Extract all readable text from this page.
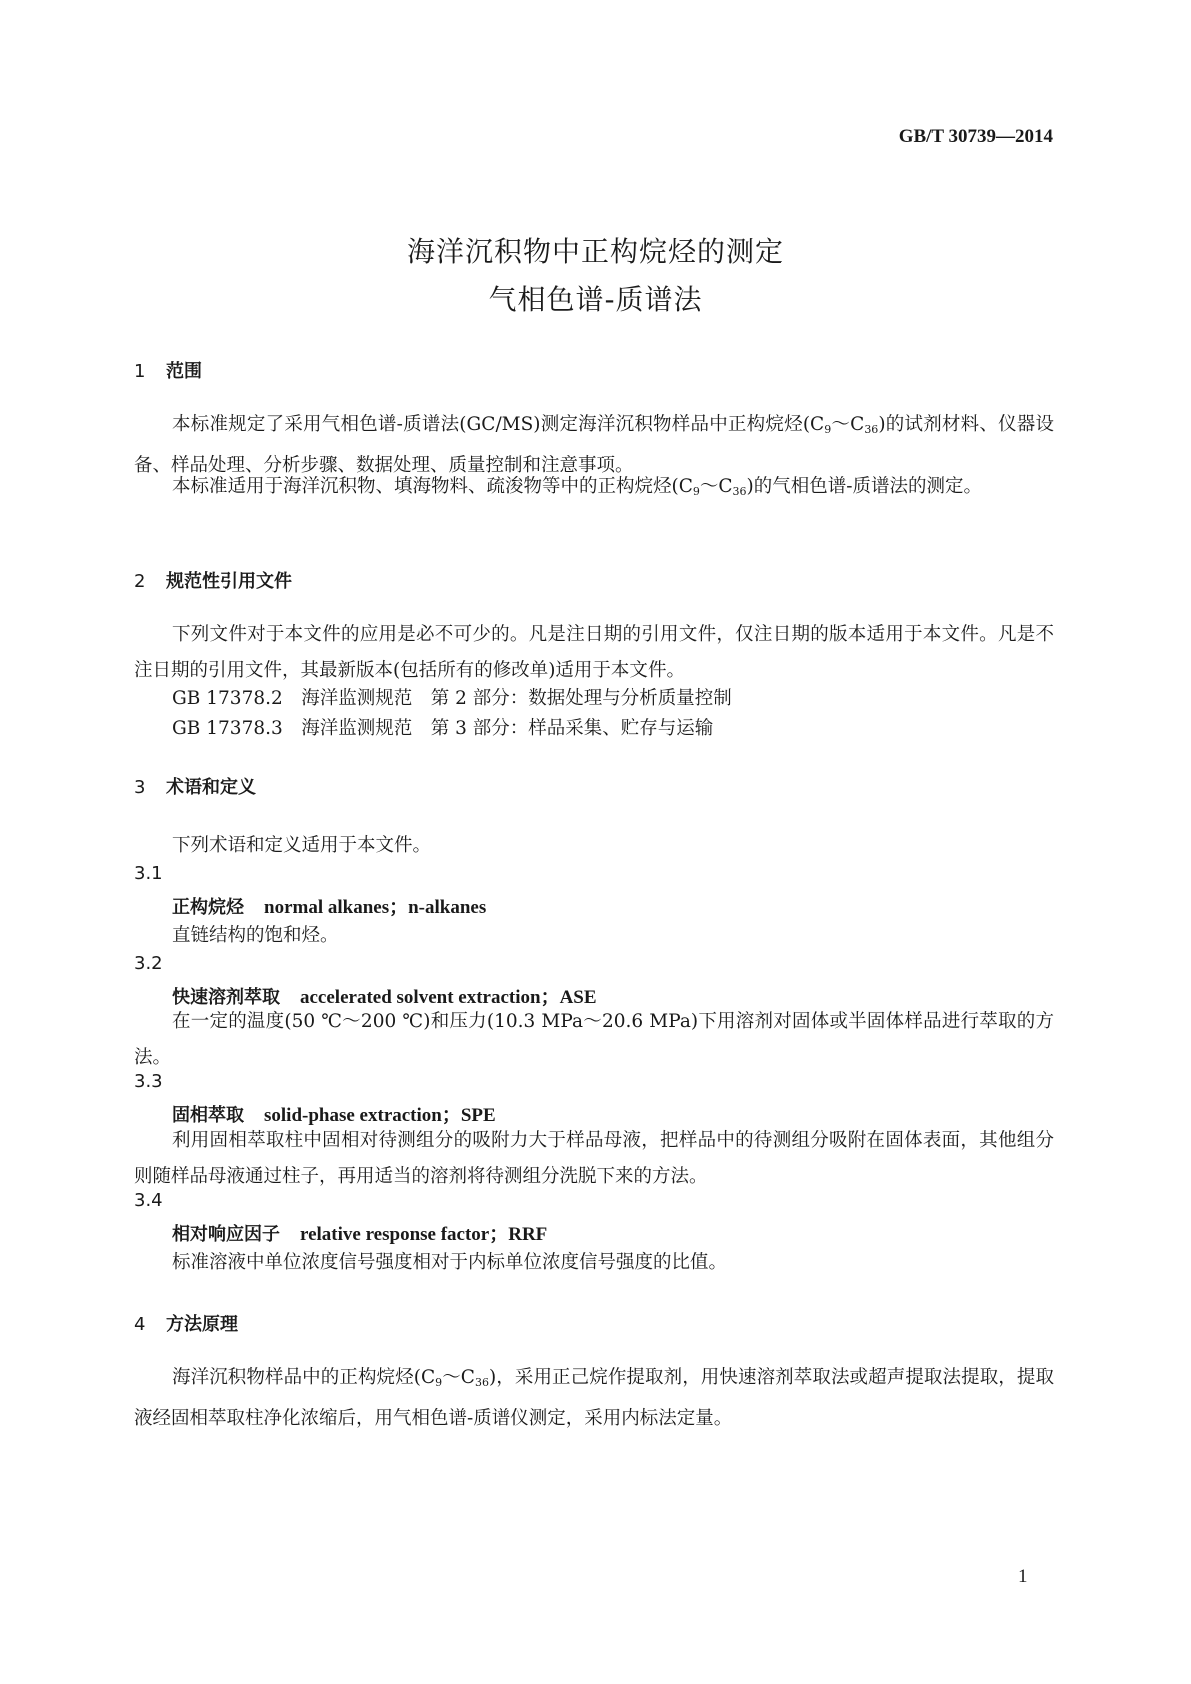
GB/T 30739—2014
海洋沉积物中正构烷烃的测定
气相色谱-质谱法
1 范围
本标准规定了采用气相色谱-质谱法(GC/MS)测定海洋沉积物样品中正构烷烃$(C_9\sim C_{36})$的试剂材料、仪器设备、样品处理、分析步骤、数据处理、质量控制和注意事项。
本标准适用于海洋沉积物、填海物料、疏浚物等中的正构烷烃$(C_9\sim C_{36})$的气相色谱-质谱法的测定。
2 规范性引用文件
下列文件对于本文件的应用是必不可少的。凡是注日期的引用文件，仅注日期的版本适用于本文件。凡是不注日期的引用文件，其最新版本(包括所有的修改单)适用于本文件。
GB 17378.2　海洋监测规范　第 2 部分：数据处理与分析质量控制
GB 17378.3　海洋监测规范　第 3 部分：样品采集、贮存与运输
3 术语和定义
下列术语和定义适用于本文件。
3.1
正构烷烃 normal alkanes；n-alkanes
直链结构的饱和烃。
3.2
快速溶剂萃取 accelerated solvent extraction；ASE
在一定的温度(50 ℃～200 ℃)和压力(10.3 MPa～20.6 MPa)下用溶剂对固体或半固体样品进行萃取的方法。
3.3
固相萃取 solid-phase extraction；SPE
利用固相萃取柱中固相对待测组分的吸附力大于样品母液，把样品中的待测组分吸附在固体表面，其他组分则随样品母液通过柱子，再用适当的溶剂将待测组分洗脱下来的方法。
3.4
相对响应因子 relative response factor；RRF
标准溶液中单位浓度信号强度相对于内标单位浓度信号强度的比值。
4 方法原理
海洋沉积物样品中的正构烷烃$(C_9\sim C_{36})$，采用正己烷作提取剂，用快速溶剂萃取法或超声提取法提取，提取液经固相萃取柱净化浓缩后，用气相色谱-质谱仪测定，采用内标法定量。
1
